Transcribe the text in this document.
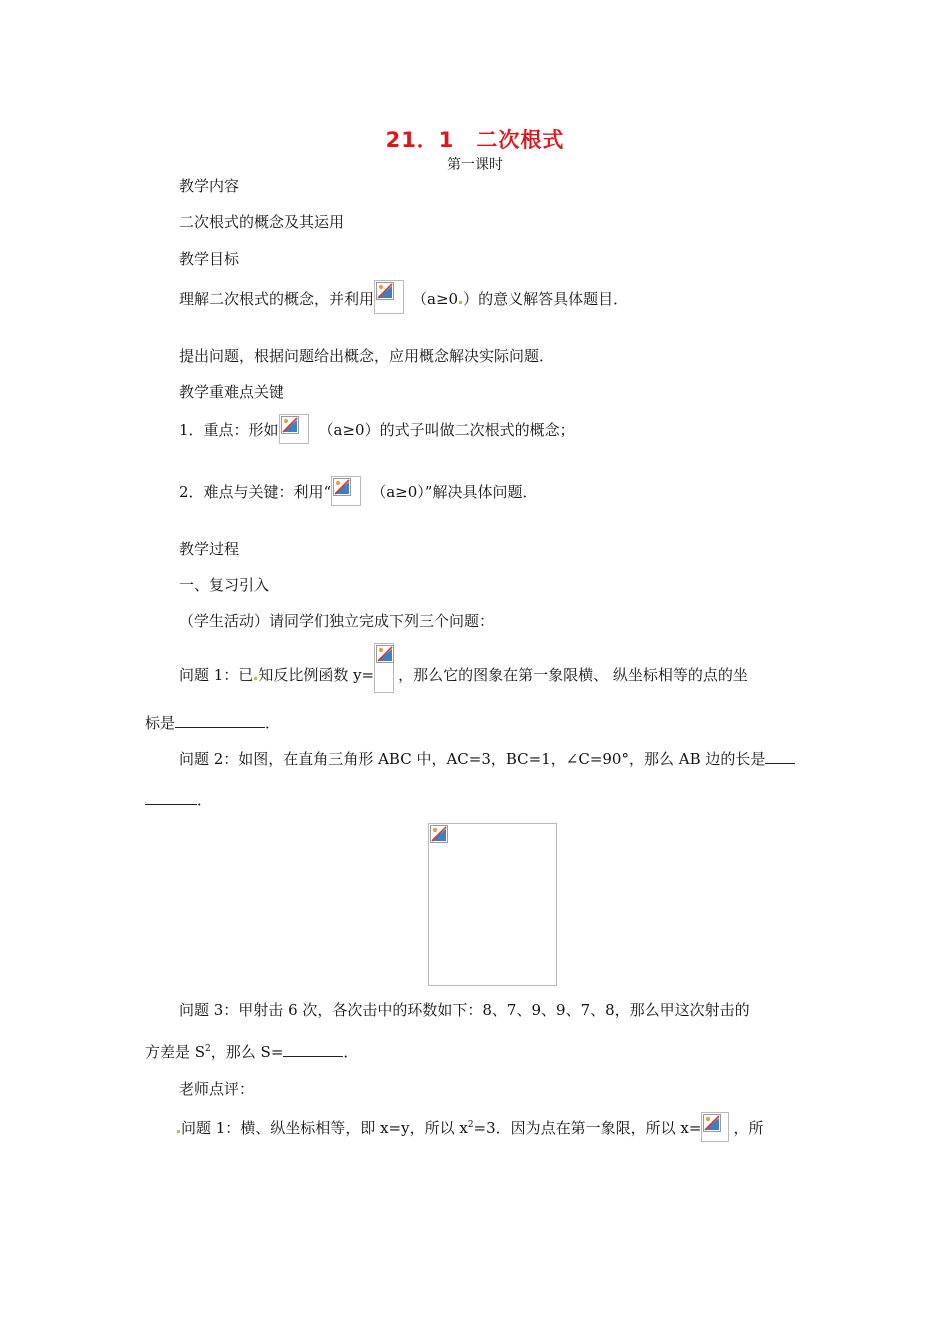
21．1　二次根式
第一课时
教学内容
二次根式的概念及其运用
教学目标
理解二次根式的概念，并利用	（a≥0 ）的意义解答具体题目．
提出问题，根据问题给出概念，应用概念解决实际问题．
教学重难点关键
1．重点：形如	（a≥0）的式子叫做二次根式的概念；
2．难点与关键：利用“	（a≥0）”解决具体问题．
教学过程
一、复习引入
（学生活动）请同学们独立完成下列三个问题：
问题 1：已 知反比例函数 y= ，那么它的图象在第一象限横、 纵坐标相等的点的坐
标是	．
问题 2：如图，在直角三角形 ABC 中，AC=3，BC=1，∠C=90°，那么 AB 边的长是
．
问题 3：甲射击 6 次，各次击中的环数如下：8、7、9、9、7、8，那么甲这次射击的
方差是 $S^2$，那么 S=	．
老师点评：
问题 1：横、纵坐标相等，即 x=y，所以 $x^2=3$．因为点在第一象限，所以 x= ，所
